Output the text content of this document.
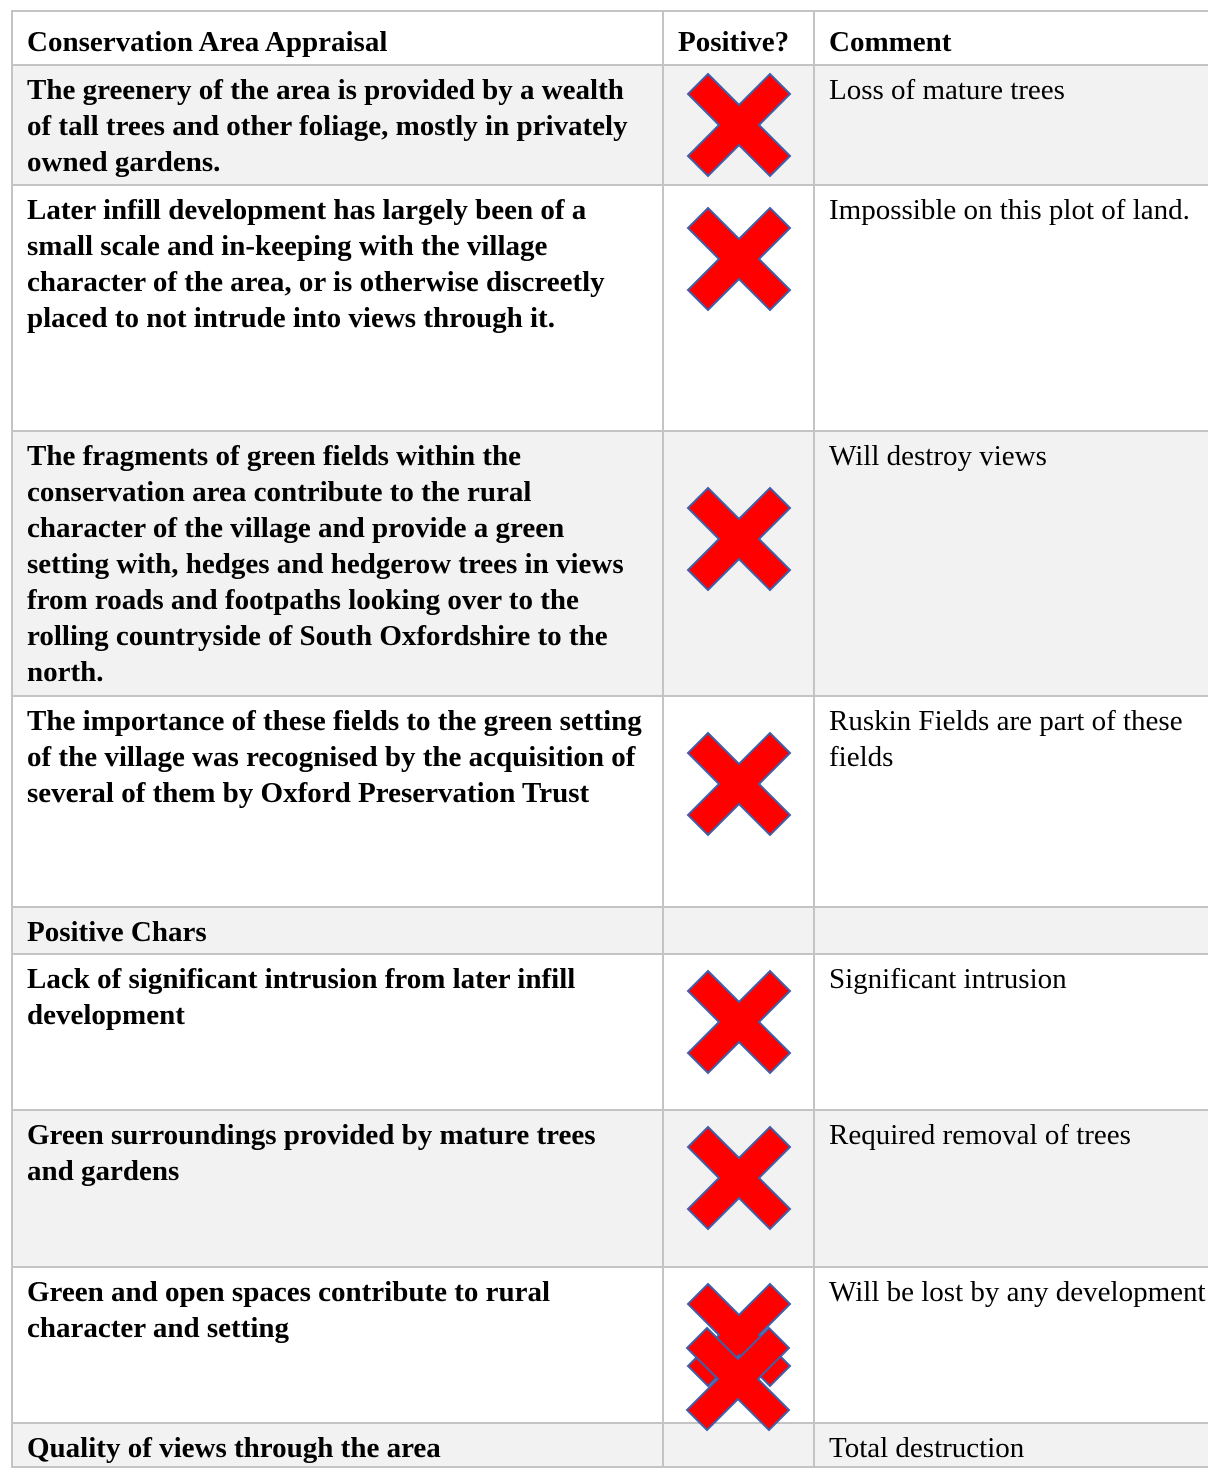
Conservation Area Appraisal	Positive?	Comment
The greenery of the area is provided by a wealth of tall trees and other foliage, mostly in privately owned gardens.		Loss of mature trees
Later infill development has largely been of a small scale and in-keeping with the village character of the area, or is otherwise discreetly placed to not intrude into views through it.		Impossible on this plot of land.
The fragments of green fields within the conservation area contribute to the rural character of the village and provide a green setting with, hedges and hedgerow trees in views from roads and footpaths looking over to the rolling countryside of South Oxfordshire to the north.		Will destroy views
The importance of these fields to the green setting of the village was recognised by the acquisition of several of them by Oxford Preservation Trust		Ruskin Fields are part of these fields
Positive Chars		
Lack of significant intrusion from later infill development		Significant intrusion
Green surroundings provided by mature trees and gardens		Required removal of trees
Green and open spaces contribute to rural character and setting		Will be lost by any development
Quality of views through the area		Total destruction
